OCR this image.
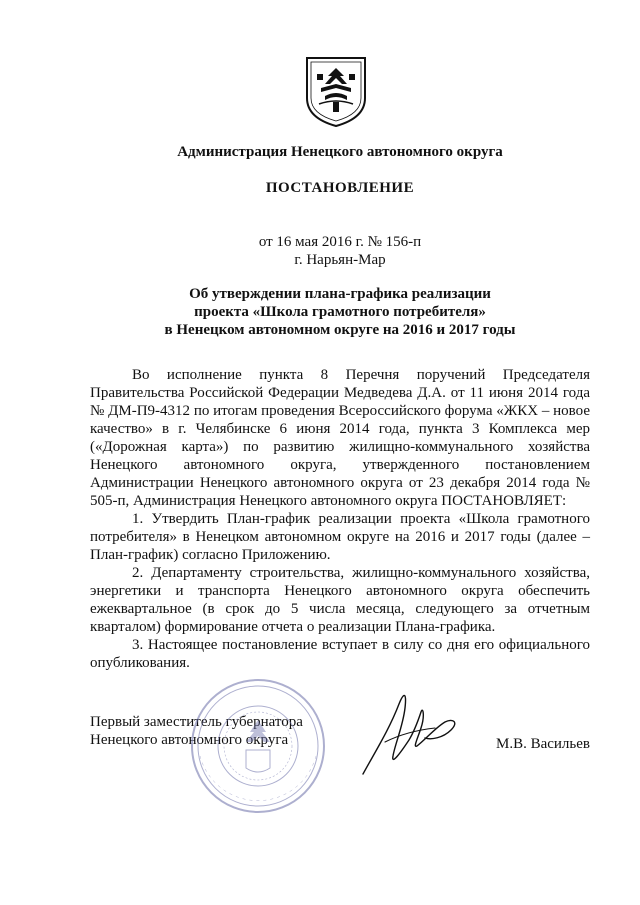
Администрация Ненецкого автономного округа
ПОСТАНОВЛЕНИЕ
от 16 мая 2016 г. № 156-п
г. Нарьян-Мар
Об утверждении плана-графика реализации
проекта «Школа грамотного потребителя»
в Ненецком автономном округе на 2016 и 2017 годы

Во исполнение пункта 8 Перечня поручений Председателя Правительства Российской Федерации Медведева Д.А. от 11 июня 2014 года № ДМ-П9-4312 по итогам проведения Всероссийского форума «ЖКХ – новое качество» в г. Челябинске 6 июня 2014 года, пункта 3 Комплекса мер («Дорожная карта») по развитию жилищно-коммунального хозяйства Ненецкого автономного округа, утвержденного постановлением Администрации Ненецкого автономного округа от 23 декабря 2014 года № 505-п, Администрация Ненецкого автономного округа ПОСТАНОВЛЯЕТ:

1. Утвердить План-график реализации проекта «Школа грамотного потребителя» в Ненецком автономном округе на 2016 и 2017 годы (далее – План-график) согласно Приложению.

2. Департаменту строительства, жилищно-коммунального хозяйства, энергетики и транспорта Ненецкого автономного округа обеспечить ежеквартальное (в срок до 5 числа месяца, следующего за отчетным кварталом) формирование отчета о реализации Плана-графика.

3. Настоящее постановление вступает в силу со дня его официального опубликования.

Первый заместитель губернатора
Ненецкого автономного округа	М.В. Васильев
